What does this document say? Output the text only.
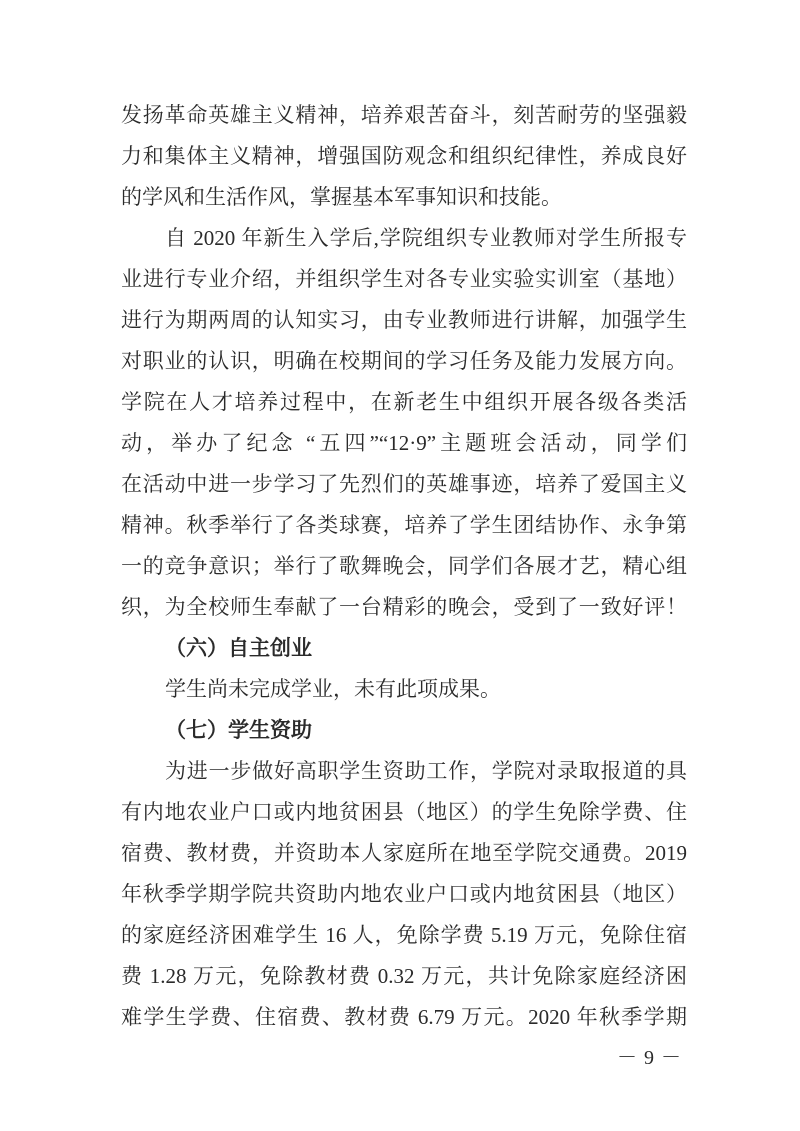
发扬革命英雄主义精神，培养艰苦奋斗，刻苦耐劳的坚强毅
力和集体主义精神，增强国防观念和组织纪律性，养成良好
的学风和生活作风，掌握基本军事知识和技能。
自 2020 年新生入学后,学院组织专业教师对学生所报专
业进行专业介绍，并组织学生对各专业实验实训室（基地）
进行为期两周的认知实习，由专业教师进行讲解，加强学生
对职业的认识，明确在校期间的学习任务及能力发展方向。
学院在人才培养过程中，在新老生中组织开展各级各类活
动，举办了纪念 “五四”“12·9”主题班会活动，同学们
在活动中进一步学习了先烈们的英雄事迹，培养了爱国主义
精神。秋季举行了各类球赛，培养了学生团结协作、永争第
一的竞争意识；举行了歌舞晚会，同学们各展才艺，精心组
织，为全校师生奉献了一台精彩的晚会，受到了一致好评！
（六）自主创业
学生尚未完成学业，未有此项成果。
（七）学生资助
为进一步做好高职学生资助工作，学院对录取报道的具
有内地农业户口或内地贫困县（地区）的学生免除学费、住
宿费、教材费，并资助本人家庭所在地至学院交通费。2019
年秋季学期学院共资助内地农业户口或内地贫困县（地区）
的家庭经济困难学生 16 人，免除学费 5.19 万元，免除住宿
费 1.28 万元，免除教材费 0.32 万元，共计免除家庭经济困
难学生学费、住宿费、教材费 6.79 万元。2020 年秋季学期
－ 9 －
